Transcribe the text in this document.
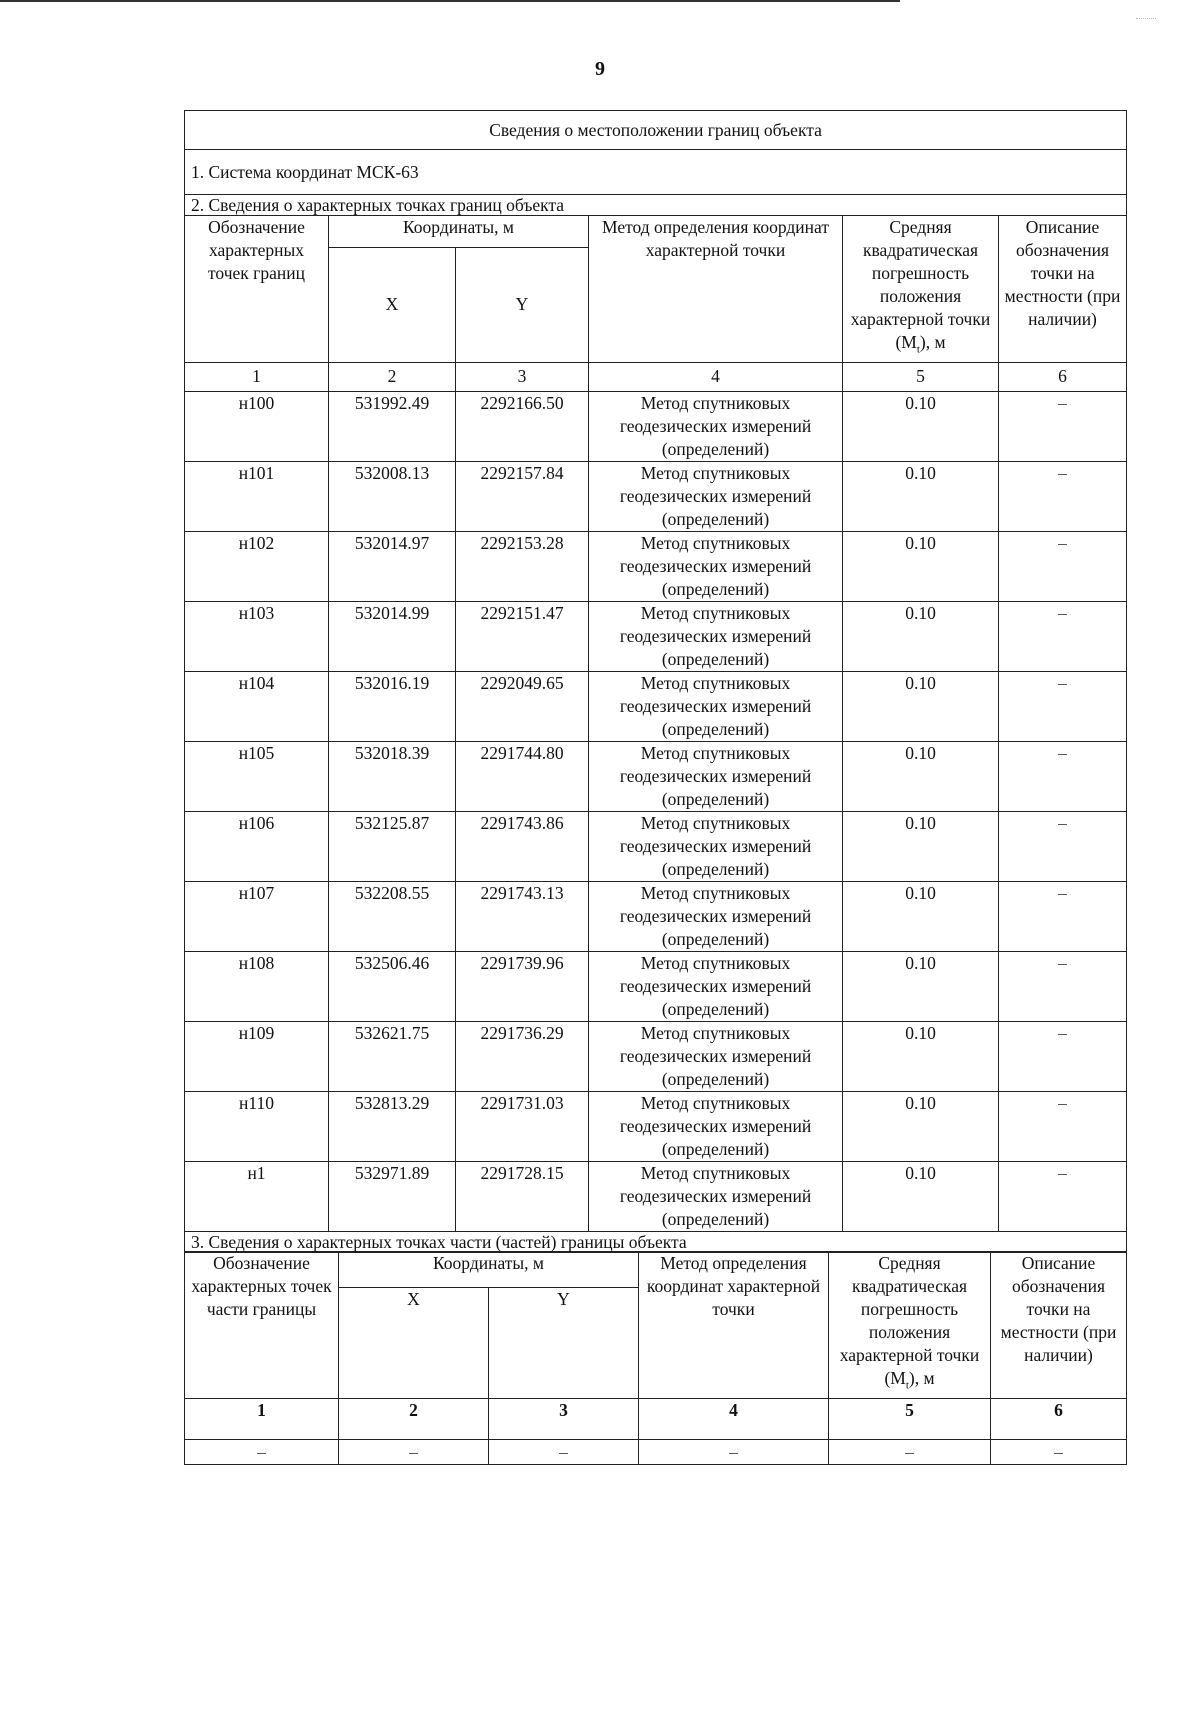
9
Сведения о местоположении границ объекта					
1. Система координат МСК-63					
2. Сведения о характерных точках границ объекта					
Обозначение характерных точек границ	Координаты, м		Метод определения координат характерной точки	Средняя квадратическая погрешность положения характерной точки $(M_t)$, м	Описание обозначения точки на местности (при наличии)
	X	Y			
1	2	3	4	5	6
н100	531992.49	2292166.50	Метод спутниковых геодезических измерений (определений)	0.10	–
н101	532008.13	2292157.84	Метод спутниковых геодезических измерений (определений)	0.10	–
н102	532014.97	2292153.28	Метод спутниковых геодезических измерений (определений)	0.10	–
н103	532014.99	2292151.47	Метод спутниковых геодезических измерений (определений)	0.10	–
н104	532016.19	2292049.65	Метод спутниковых геодезических измерений (определений)	0.10	–
н105	532018.39	2291744.80	Метод спутниковых геодезических измерений (определений)	0.10	–
н106	532125.87	2291743.86	Метод спутниковых геодезических измерений (определений)	0.10	–
н107	532208.55	2291743.13	Метод спутниковых геодезических измерений (определений)	0.10	–
н108	532506.46	2291739.96	Метод спутниковых геодезических измерений (определений)	0.10	–
н109	532621.75	2291736.29	Метод спутниковых геодезических измерений (определений)	0.10	–
н110	532813.29	2291731.03	Метод спутниковых геодезических измерений (определений)	0.10	–
н1	532971.89	2291728.15	Метод спутниковых геодезических измерений (определений)	0.10	–
3. Сведения о характерных точках части (частей) границы объекта					
Обозначение характерных точек части границы	Координаты, м		Метод определения координат характерной точки	Средняя квадратическая погрешность положения характерной точки $(M_t)$, м	Описание обозначения точки на местности (при наличии)
	X	Y			
1	2	3	4	5	6
–	–	–	–	–	–
